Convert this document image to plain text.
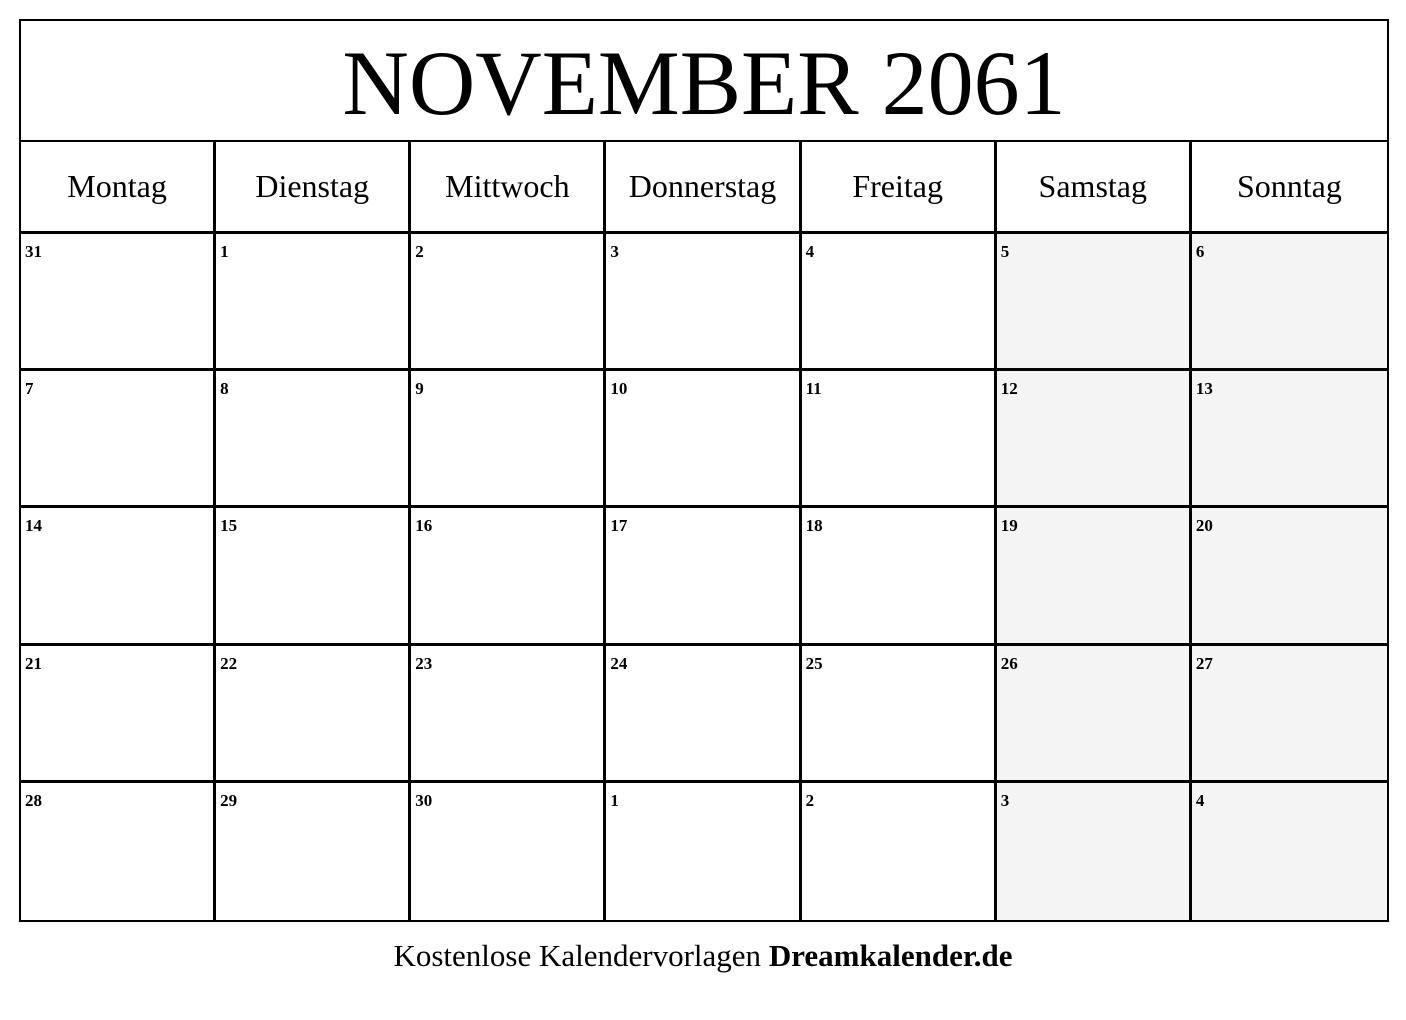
NOVEMBER 2061
Montag	Dienstag	Mittwoch	Donnerstag	Freitag	Samstag	Sonntag
31	1	2	3	4	5	6
7	8	9	10	11	12	13
14	15	16	17	18	19	20
21	22	23	24	25	26	27
28	29	30	1	2	3	4
Kostenlose Kalendervorlagen Dreamkalender.de
